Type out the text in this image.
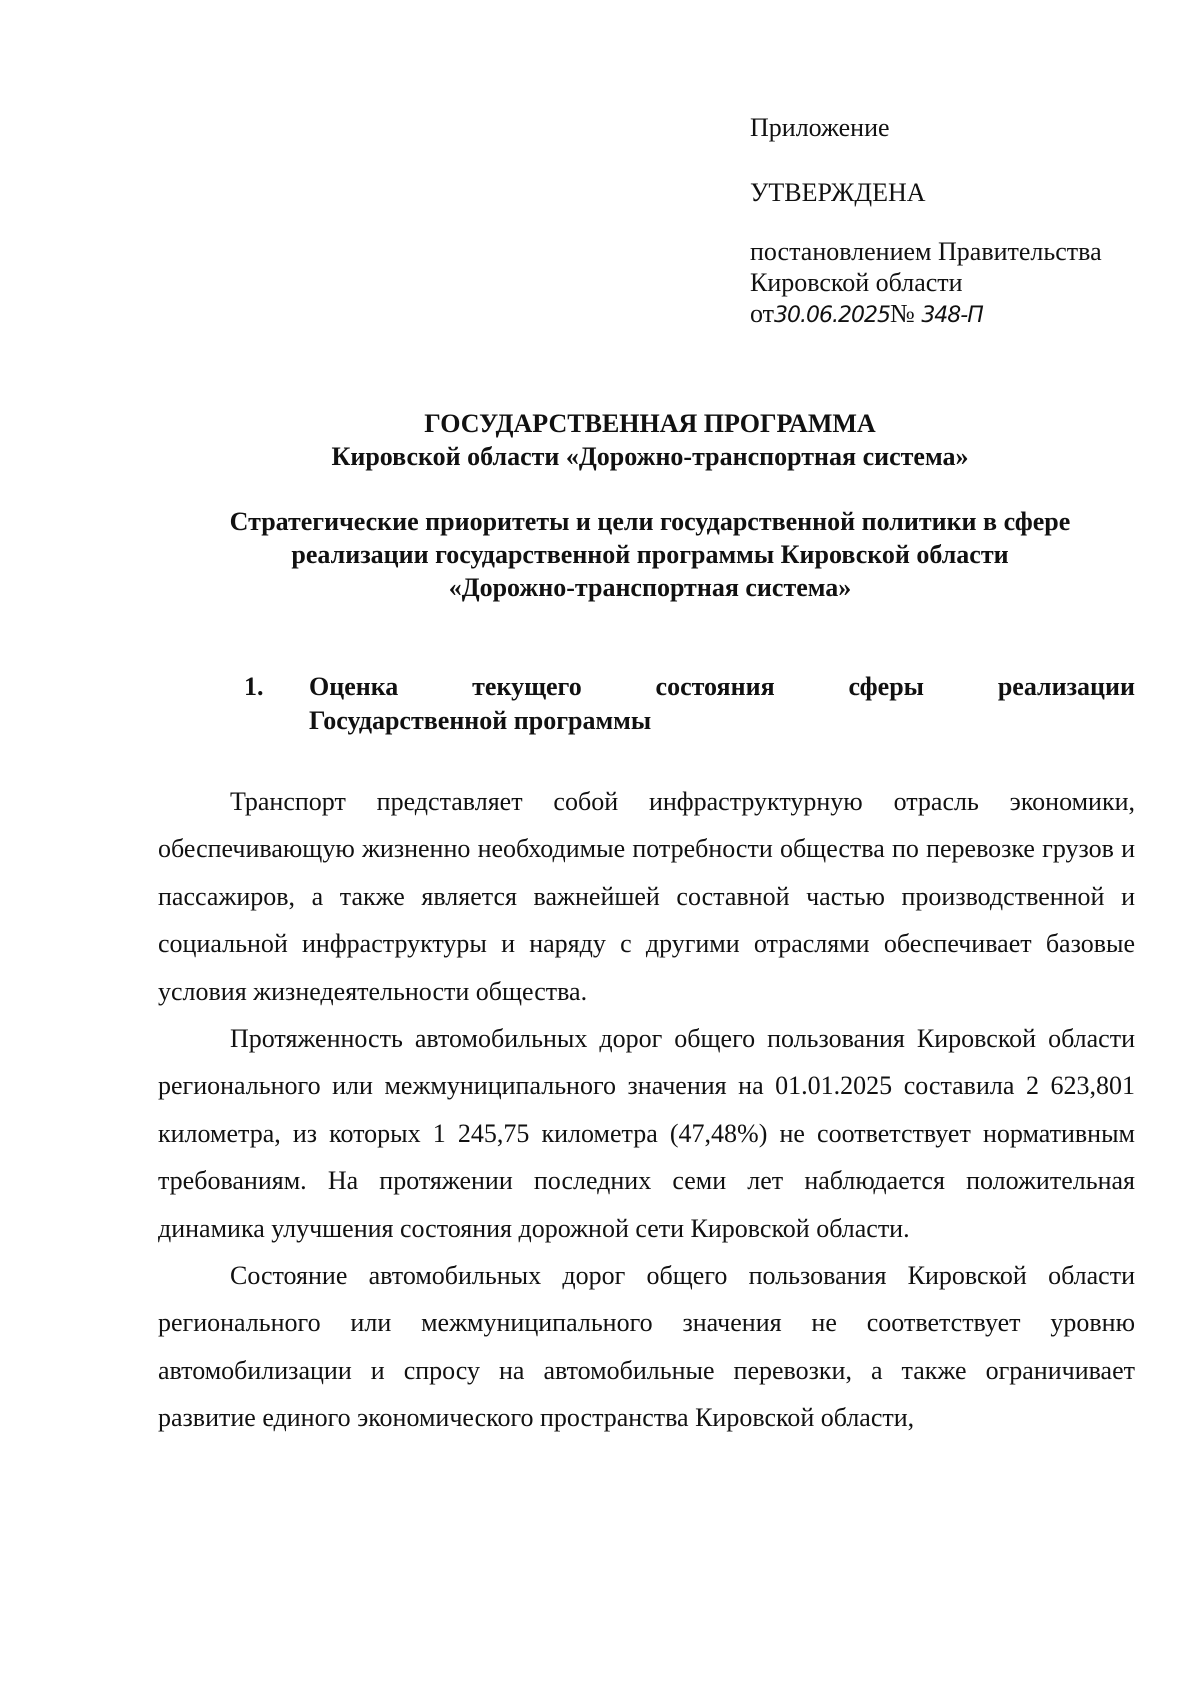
Приложение
УТВЕРЖДЕНА
постановлением Правительства
Кировской области
от30.06.2025№ 348-П
ГОСУДАРСТВЕННАЯ ПРОГРАММА
Кировской области «Дорожно-транспортная система»
Стратегические приоритеты и цели государственной политики в сфере
реализации государственной программы Кировской области
«Дорожно-транспортная система»
1. Оценка	текущего	состояния	сферы	реализации
Государственной программы

Транспорт представляет собой инфраструктурную отрасль экономики, обеспечивающую жизненно необходимые потребности общества по перевозке грузов и пассажиров, а также является важнейшей составной частью производственной и социальной инфраструктуры и наряду с другими отраслями обеспечивает базовые условия жизнедеятельности общества.

Протяженность автомобильных дорог общего пользования Кировской области регионального или межмуниципального значения на 01.01.2025 составила 2 623,801 километра, из которых 1 245,75 километра (47,48%) не соответствует нормативным требованиям. На протяжении последних семи лет наблюдается положительная динамика улучшения состояния дорожной сети Кировской области.

Состояние автомобильных дорог общего пользования Кировской области регионального или межмуниципального значения не соответствует уровню автомобилизации и спросу на автомобильные перевозки, а также ограничивает развитие единого экономического пространства Кировской области,
